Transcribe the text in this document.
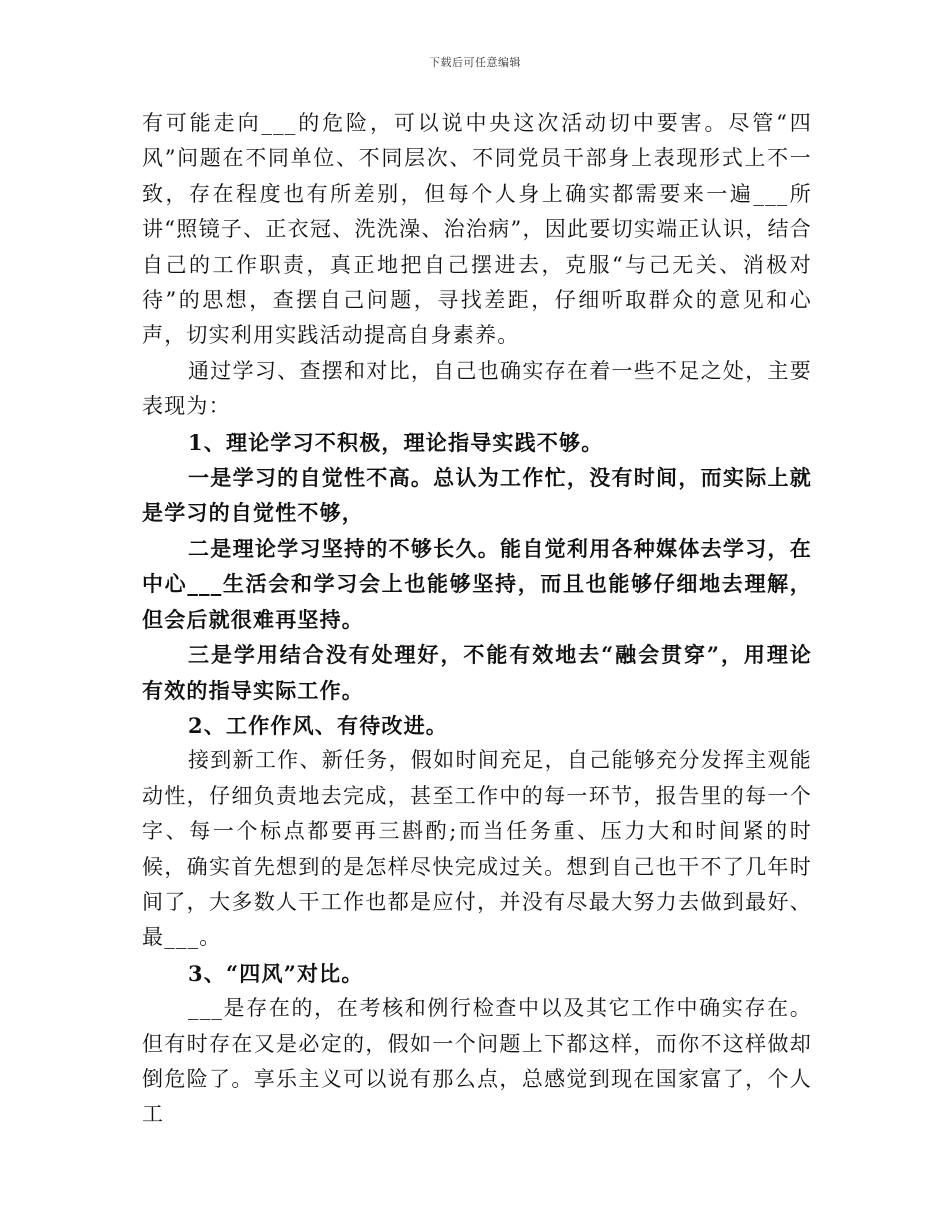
下载后可任意编辑

有可能走向___的危险，可以说中央这次活动切中要害。尽管“四风”问题在不同单位、不同层次、不同党员干部身上表现形式上不一致，存在程度也有所差别，但每个人身上确实都需要来一遍___所讲“照镜子、正衣冠、洗洗澡、治治病”，因此要切实端正认识，结合自己的工作职责，真正地把自己摆进去，克服“与己无关、消极对待”的思想，查摆自己问题，寻找差距，仔细听取群众的意见和心声，切实利用实践活动提高自身素养。

通过学习、查摆和对比，自己也确实存在着一些不足之处，主要表现为：

1、理论学习不积极，理论指导实践不够。

一是学习的自觉性不高。总认为工作忙，没有时间，而实际上就是学习的自觉性不够，

二是理论学习坚持的不够长久。能自觉利用各种媒体去学习，在中心___生活会和学习会上也能够坚持，而且也能够仔细地去理解，但会后就很难再坚持。

三是学用结合没有处理好，不能有效地去“融会贯穿”，用理论有效的指导实际工作。

2、工作作风、有待改进。

接到新工作、新任务，假如时间充足，自己能够充分发挥主观能动性，仔细负责地去完成，甚至工作中的每一环节，报告里的每一个字、每一个标点都要再三斟酌;而当任务重、压力大和时间紧的时候，确实首先想到的是怎样尽快完成过关。想到自己也干不了几年时间了，大多数人干工作也都是应付，并没有尽最大努力去做到最好、最___。

3、“四风”对比。

___是存在的，在考核和例行检查中以及其它工作中确实存在。但有时存在又是必定的，假如一个问题上下都这样，而你不这样做却倒危险了。享乐主义可以说有那么点，总感觉到现在国家富了，个人工
